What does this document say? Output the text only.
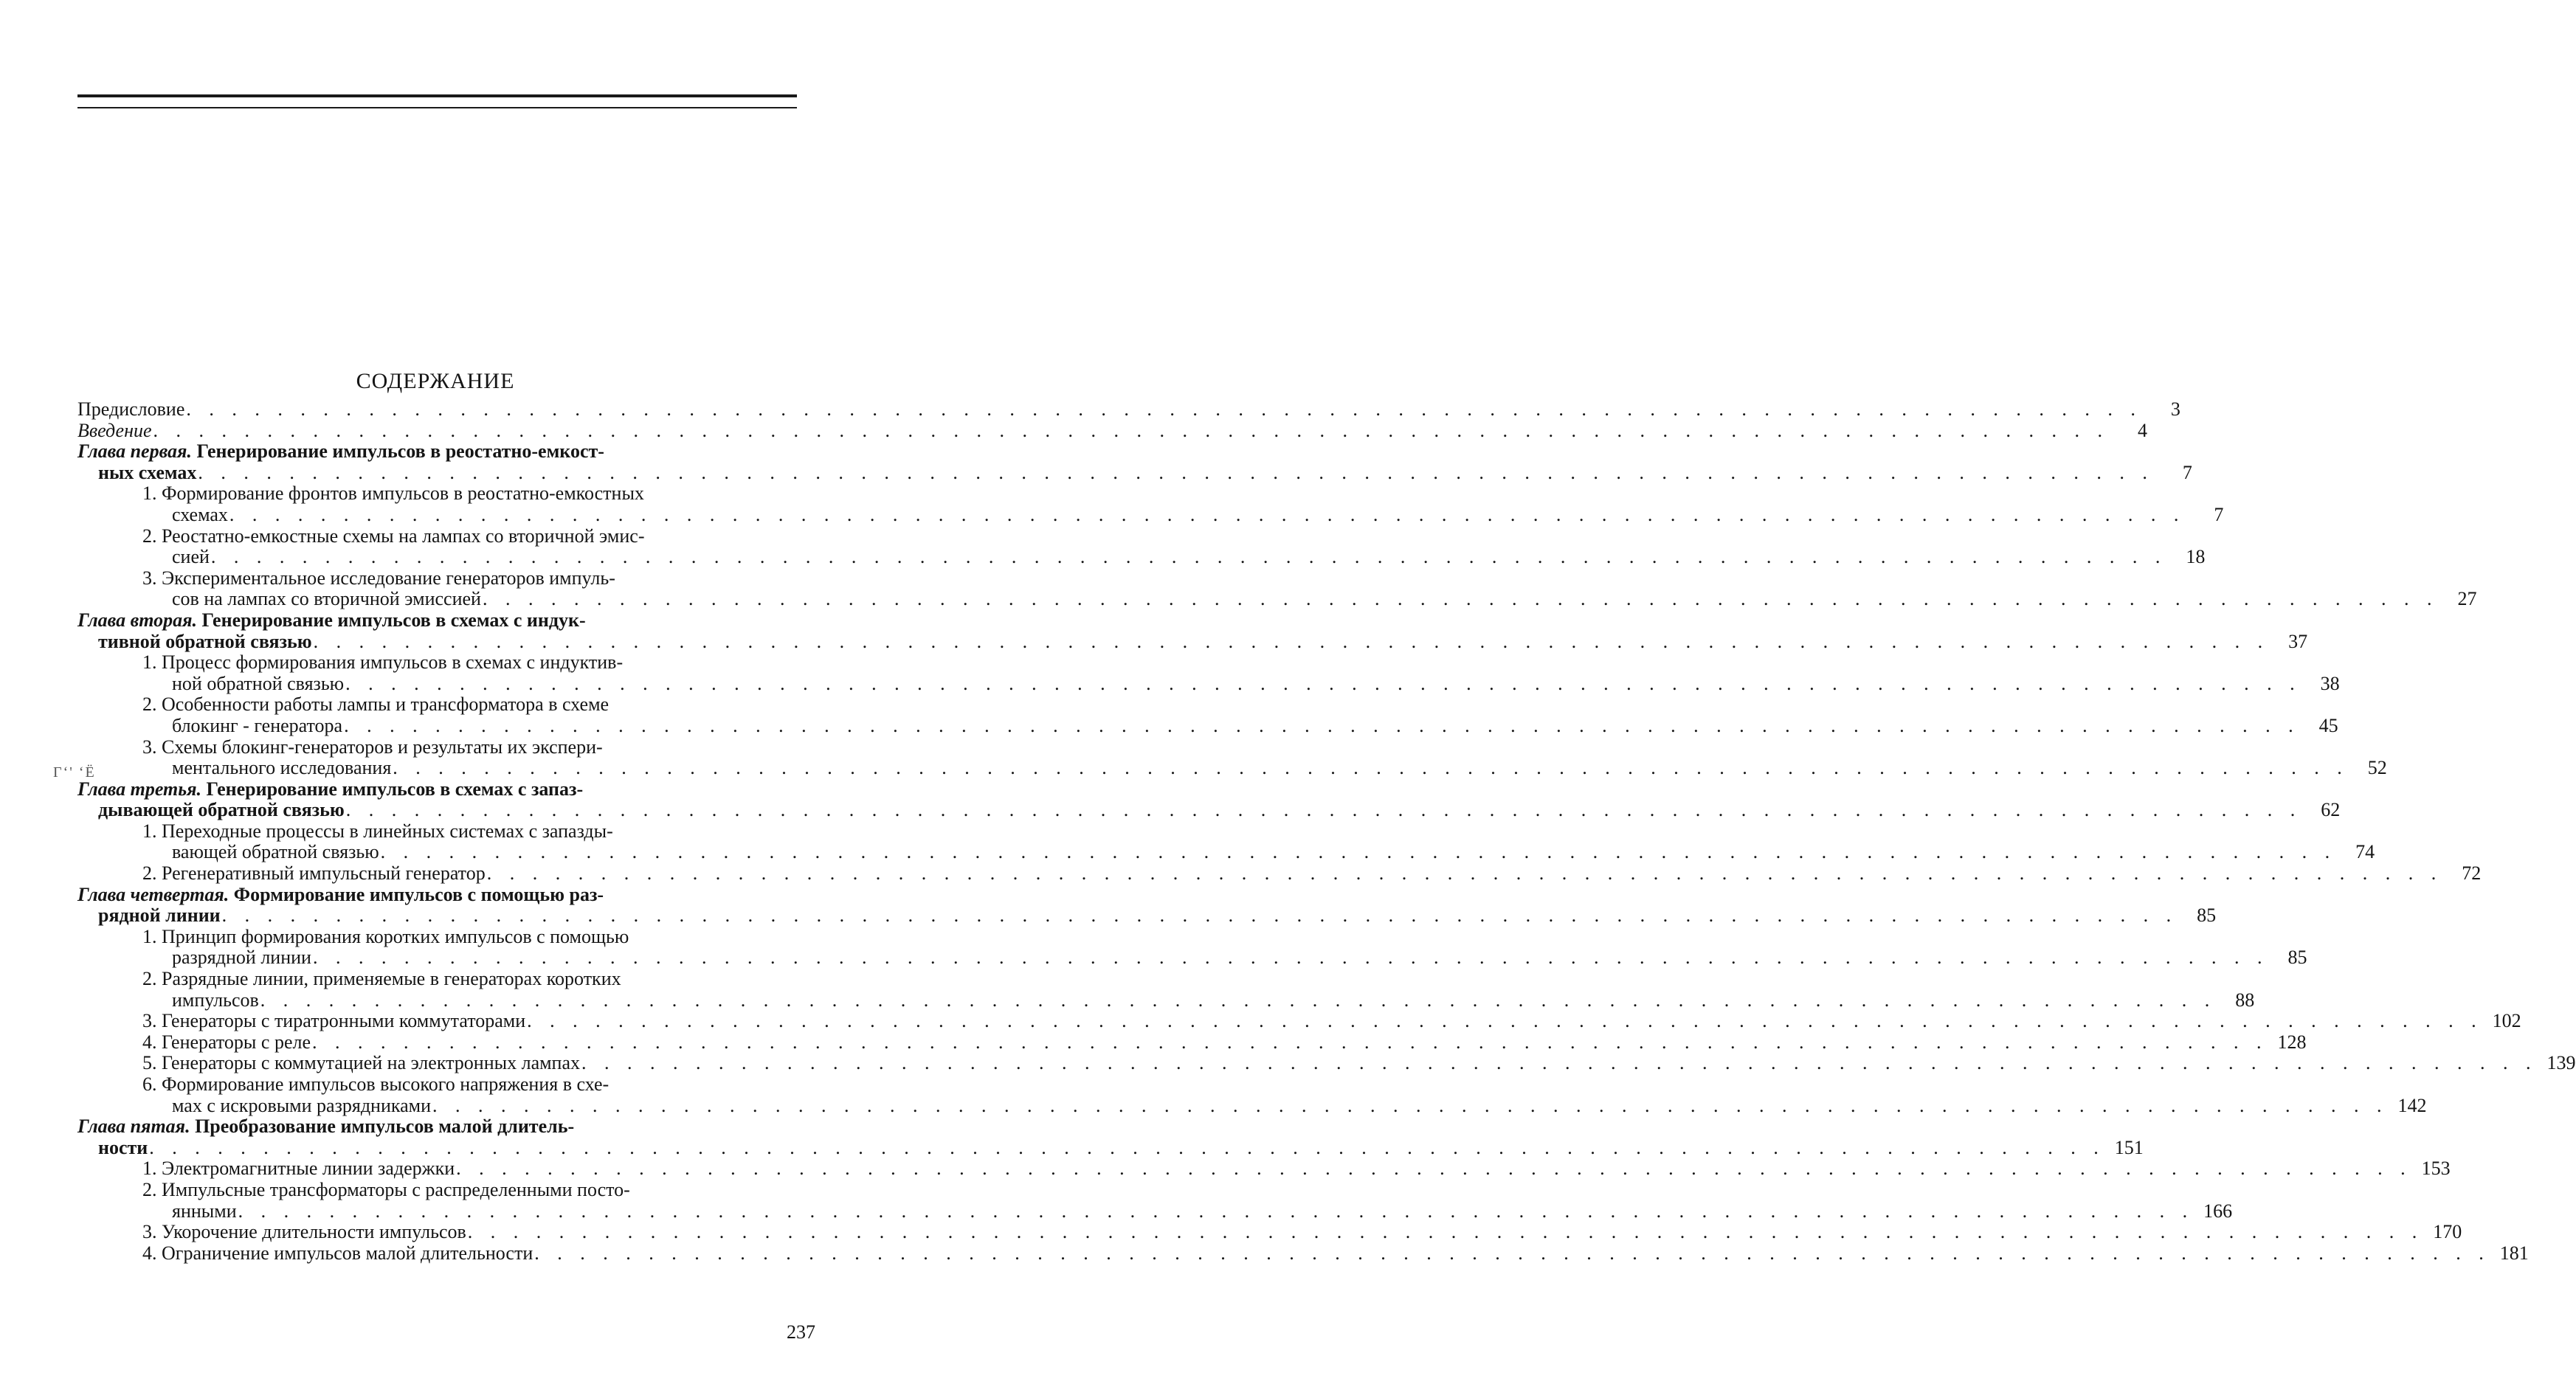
СОДЕРЖАНИЕ
Г‘' ‘Ё
Предисловие . . .	3
Введение . . .	4
Глава первая. Генерирование импульсов в реостатно-емкост-
ных схемах . . .	7
1. Формирование фронтов импульсов в реостатно-емкостных
схемах . . .	7
2. Реостатно-емкостные схемы на лампах со вторичной эмис-
сией . . .	18
3. Экспериментальное исследование генераторов импуль-
сов на лампах со вторичной эмиссией . . .	27
Глава вторая. Генерирование импульсов в схемах с индук-
тивной обратной связью . . .	37
1. Процесс формирования импульсов в схемах с индуктив-
ной обратной связью . . .	38
2. Особенности работы лампы и трансформатора в схеме
блокинг - генератора . . .	45
3. Схемы блокинг-генераторов и результаты их экспери-
ментального исследования . . .	52
Глава третья. Генерирование импульсов в схемах с запаз-
дывающей обратной связью . . .	62
1. Переходные процессы в линейных системах с запазды-
вающей обратной связью . . .	74
2. Регенеративный импульсный генератор . . .	72
Глава четвертая. Формирование импульсов с помощью раз-
рядной линии . . .	85
1. Принцип формирования коротких импульсов с помощью
разрядной линии . . .	85
2. Разрядные линии, применяемые в генераторах коротких
импульсов . . .	88
3. Генераторы с тиратронными коммутаторами . . .	102
4. Генераторы с реле . . .	128
5. Генераторы с коммутацией на электронных лампах . . .	139
6. Формирование импульсов высокого напряжения в схе-
мах с искровыми разрядниками . . .	142
Глава пятая. Преобразование импульсов малой длитель-
ности . . .	151
1. Электромагнитные линии задержки . . .	153
2. Импульсные трансформаторы с распределенными посто-
янными . . .	166
3. Укорочение длительности импульсов . . .	170
4. Ограничение импульсов малой длительности . . .	181
237
